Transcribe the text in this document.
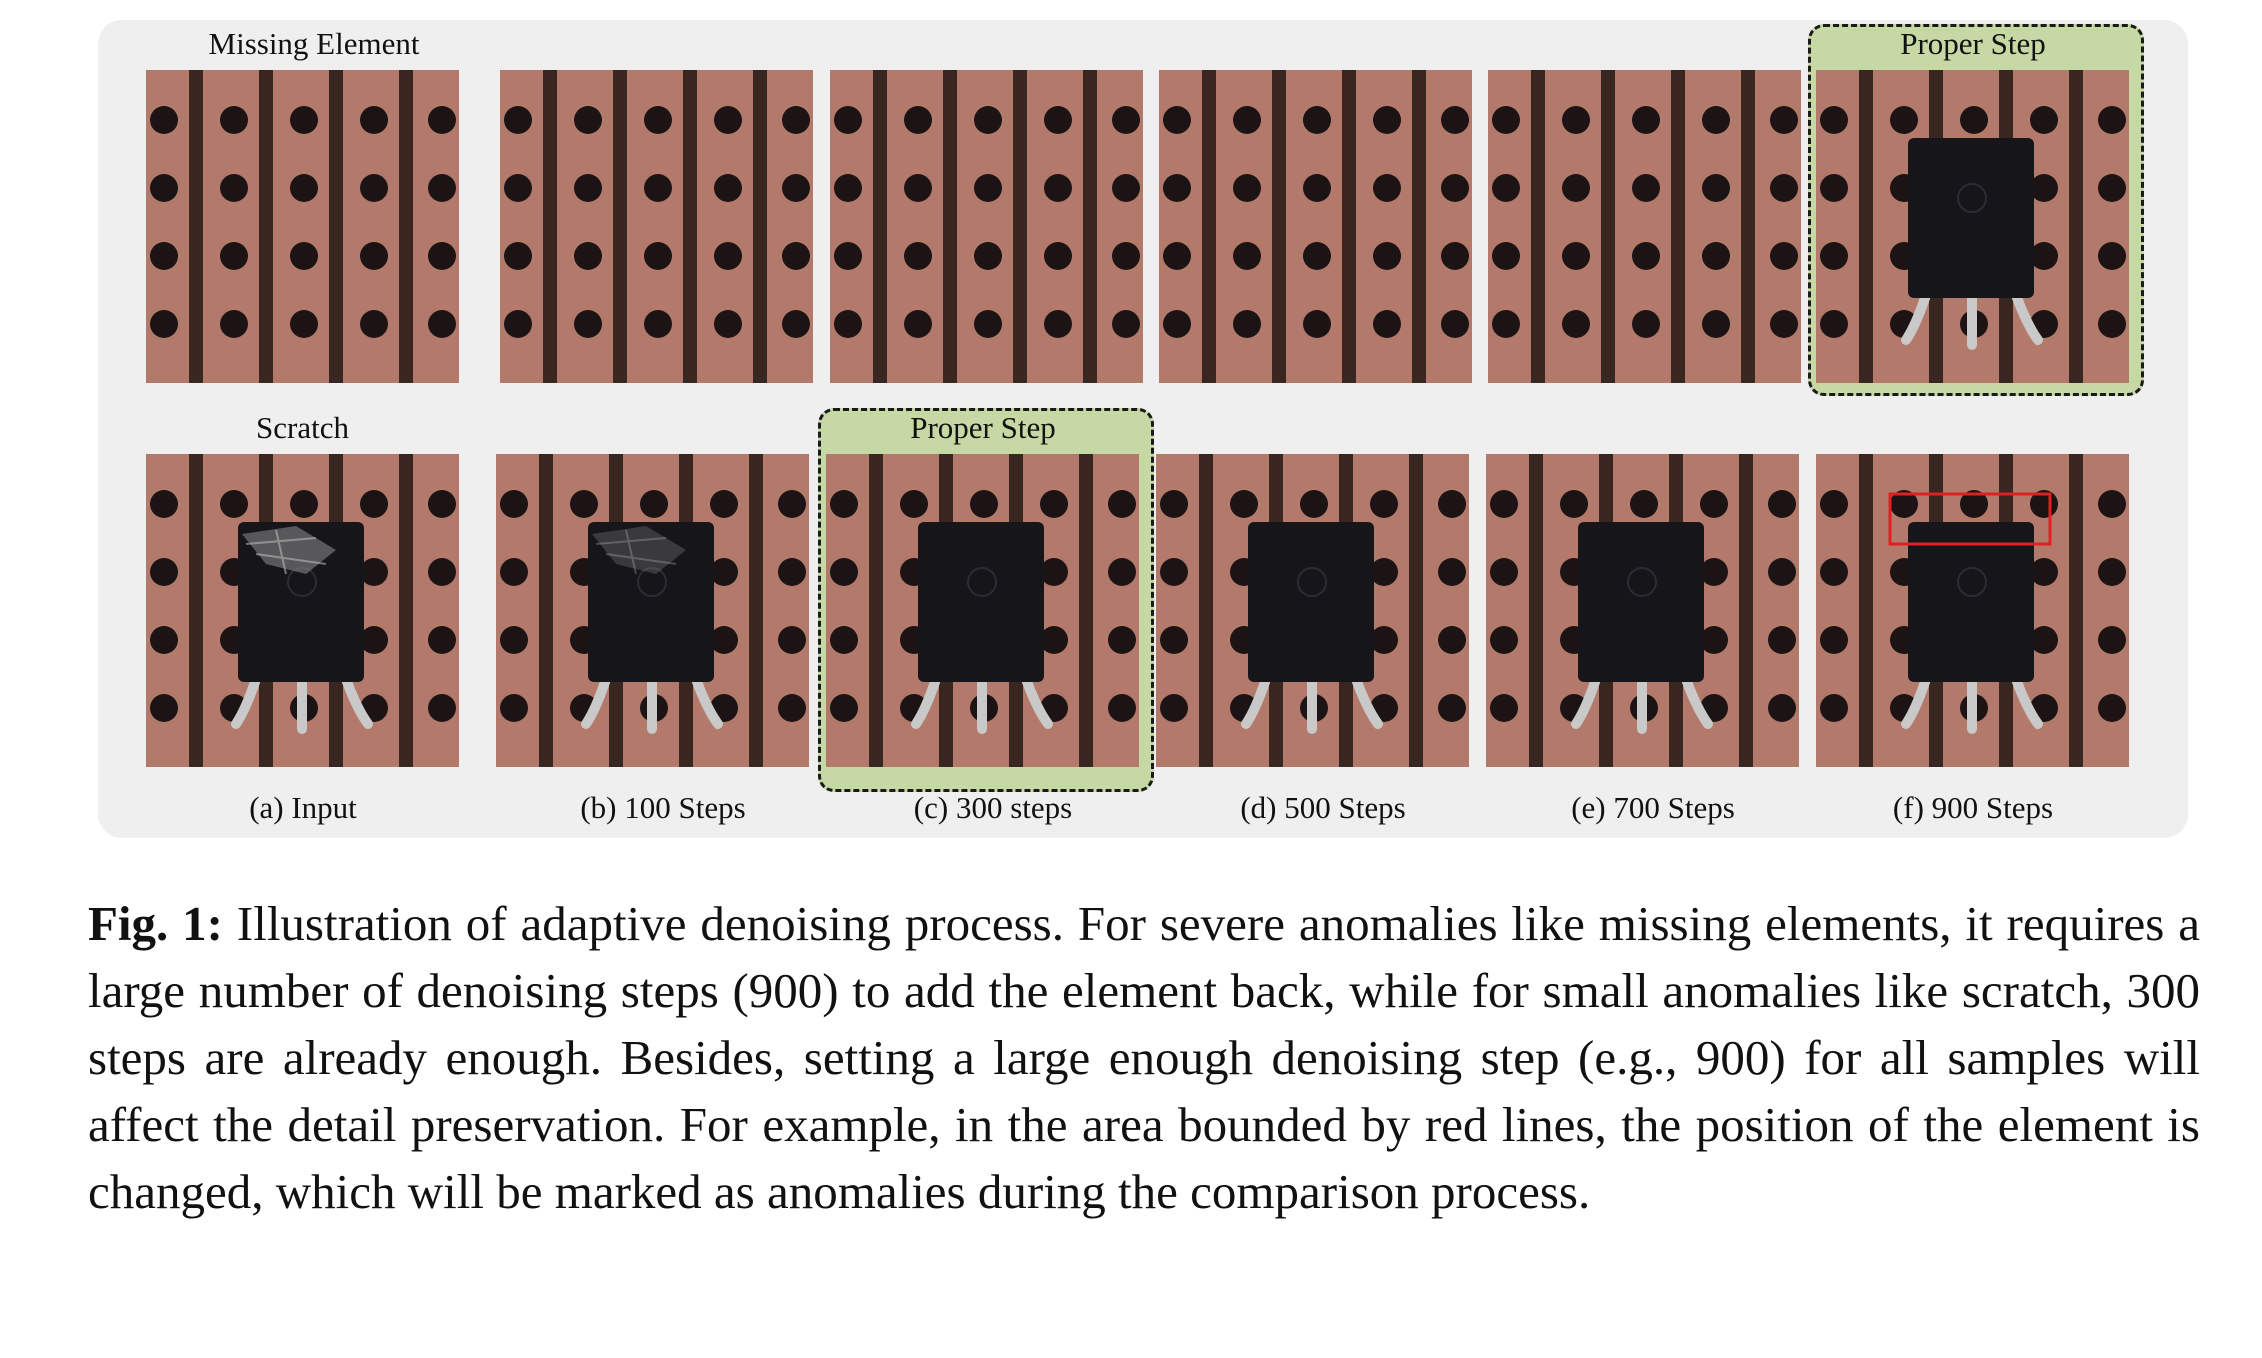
Proper Step
Proper Step
Missing Element
Scratch
(a) Input	(b) 100 Steps	(c) 300 steps	(d) 500 Steps	(e) 700 Steps	(f) 900 Steps
Fig. 1: Illustration of adaptive denoising process. For severe anomalies like missing elements, it requires a large number of denoising steps (900) to add the element back, while for small anomalies like scratch, 300 steps are already enough. Besides, setting a large enough denoising step (e.g., 900) for all samples will affect the detail preservation. For example, in the area bounded by red lines, the position of the element is changed, which will be marked as anomalies during the comparison process.
